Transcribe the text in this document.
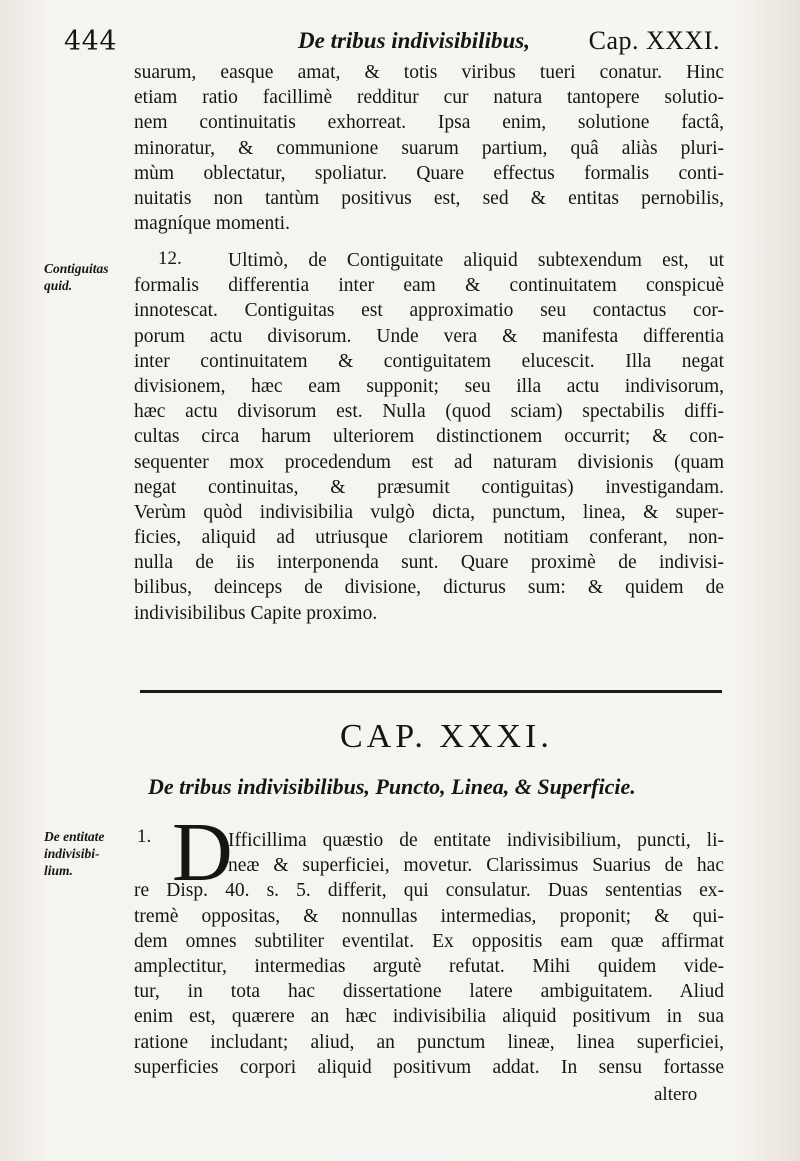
444	De tribus indivisibilibus, Cap. XXXI.
suarum, easque amat, & totis viribus tueri conatur. Hinc
etiam ratio facillimè redditur cur natura tantopere solutio-
nem continuitatis exhorreat. Ipsa enim, solutione factâ,
minoratur, & communione suarum partium, quâ aliàs pluri-
mùm oblectatur, spoliatur. Quare effectus formalis conti-
nuitatis non tantùm positivus est, sed & entitas pernobilis,
magníque momenti.
Contiguitas
quid.
12.	Ultimò, de Contiguitate aliquid subtexendum est, ut
formalis differentia inter eam & continuitatem conspicuè
innotescat. Contiguitas est approximatio seu contactus cor-
porum actu divisorum. Unde vera & manifesta differentia
inter continuitatem & contiguitatem elucescit. Illa negat
divisionem, hæc eam supponit; seu illa actu indivisorum,
hæc actu divisorum est. Nulla (quod sciam) spectabilis diffi-
cultas circa harum ulteriorem distinctionem occurrit; & con-
sequenter mox procedendum est ad naturam divisionis (quam
negat continuitas, & præsumit contiguitas) investigandam.
Verùm quòd indivisibilia vulgò dicta, punctum, linea, & super-
ficies, aliquid ad utriusque clariorem notitiam conferant, non-
nulla de iis interponenda sunt. Quare proximè de indivisi-
bilibus, deinceps de divisione, dicturus sum: & quidem de
indivisibilibus Capite proximo.
CAP. XXXI.
De tribus indivisibilibus, Puncto, Linea, & Superficie.
De entitate
indivisibi-
lium.
1. D
Ifficillima quæstio de entitate indivisibilium, puncti, li-
neæ & superficiei, movetur. Clarissimus Suarius de hac
re Disp. 40. s. 5. differit, qui consulatur. Duas sententias ex-
tremè oppositas, & nonnullas intermedias, proponit; & qui-
dem omnes subtiliter eventilat. Ex oppositis eam quæ affirmat
amplectitur, intermedias argutè refutat. Mihi quidem vide-
tur, in tota hac dissertatione latere ambiguitatem. Aliud
enim est, quærere an hæc indivisibilia aliquid positivum in sua
ratione includant; aliud, an punctum lineæ, linea superficiei,
superficies corpori aliquid positivum addat. In sensu fortasse
altero
